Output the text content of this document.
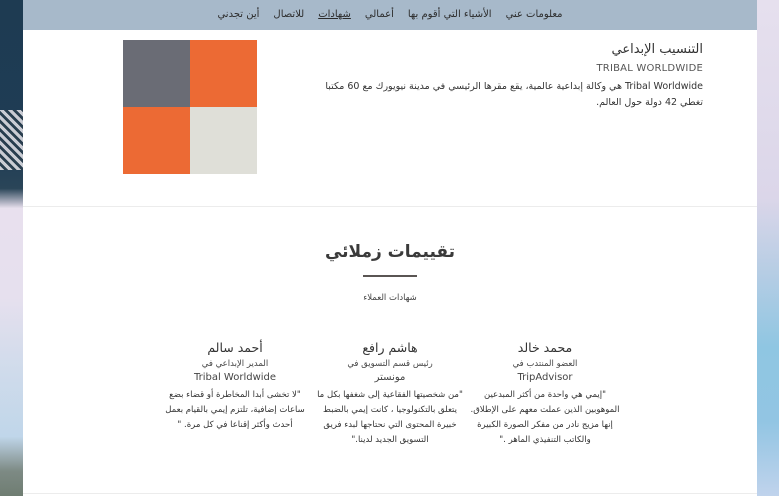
معلومات عني
الأشياء التي أقوم بها
أعمالي
شهادات
للاتصال
أين تجدني
التنسيب الإبداعي
TRIBAL WORLDWIDE
Tribal Worldwide هي وكالة إبداعية عالمية، يقع مقرها الرئيسي في مدينة نيويورك مع 60 مكتبا تغطي 42 دولة حول العالم.
تقييمات زملائي
شهادات العملاء
محمد خالد
العضو المنتدب في
TripAdvisor
"إيمي هي واحدة من أكثر المبدعين الموهوبين الذين عملت معهم على الإطلاق. إنها مزيج نادر من مفكر الصورة الكبيرة والكاتب التنفيذي الماهر ."
هاشم رافع
رئيس قسم التسويق في
مونستر
"من شخصيتها الفقاعية إلى شغفها بكل ما يتعلق بالتكنولوجيا ، كانت إيمي بالضبط خبيرة المحتوى التي نحتاجها لبدء فريق التسويق الجديد لدينا."
أحمد سالم
المدير الإبداعي في
Tribal Worldwide
"لا تخشى أبدا المخاطرة أو قضاء بضع ساعات إضافية، تلتزم إيمي بالقيام بعمل أحدث وأكثر إقناعا في كل مرة. "
